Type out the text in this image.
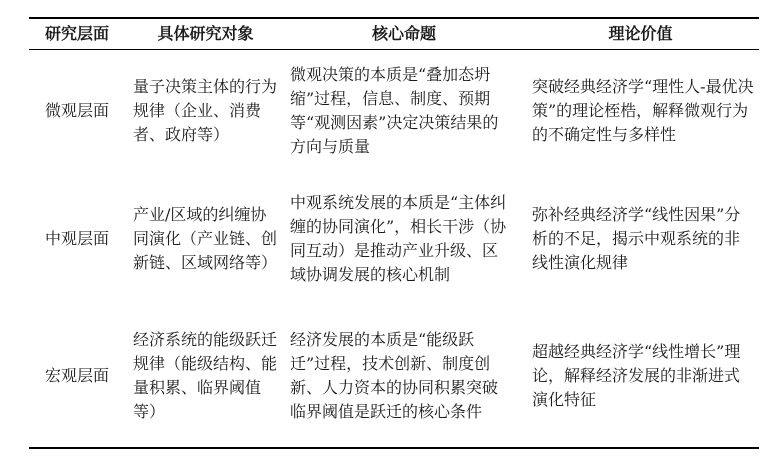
研究层面	具体研究对象	核心命题	理论价值
微观层面	量子决策主体的行为规律（企业、消费者、政府等）	微观决策的本质是“叠加态坍缩”过程，信息、制度、预期等“观测因素”决定决策结果的方向与质量	突破经典经济学“理性人-最优决策”的理论桎梏，解释微观行为的不确定性与多样性
中观层面	产业/区域的纠缠协同演化（产业链、创新链、区域网络等）	中观系统发展的本质是“主体纠缠的协同演化”，相长干涉（协同互动）是推动产业升级、区域协调发展的核心机制	弥补经典经济学“线性因果”分析的不足，揭示中观系统的非线性演化规律
宏观层面	经济系统的能级跃迁规律（能级结构、能量积累、临界阈值等）	经济发展的本质是“能级跃迁”过程，技术创新、制度创新、人力资本的协同积累突破临界阈值是跃迁的核心条件	超越经典经济学“线性增长”理论，解释经济发展的非渐进式演化特征
